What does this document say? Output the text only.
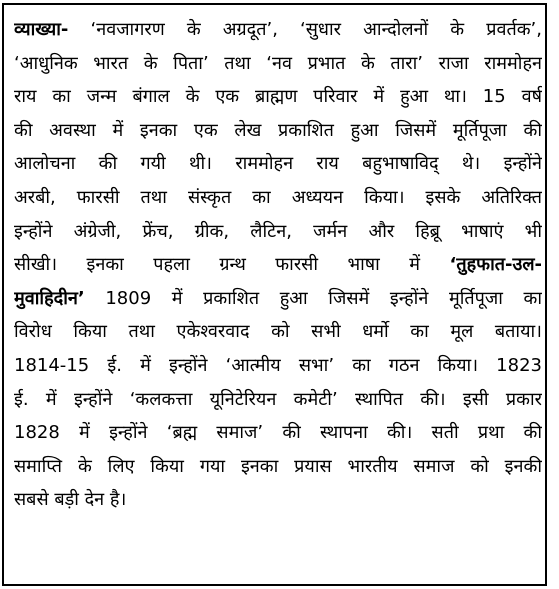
व्याख्या- ‘नवजागरण के अग्रदूत’, ‘सुधार आन्दोलनों के प्रवर्तक’,
‘आधुनिक भारत के पिता’ तथा ‘नव प्रभात के तारा’ राजा राममोहन
राय का जन्म बंगाल के एक ब्राह्मण परिवार में हुआ था। 15 वर्ष
की अवस्था में इनका एक लेख प्रकाशित हुआ जिसमें मूर्तिपूजा की
आलोचना की गयी थी। राममोहन राय बहुभाषाविद् थे। इन्होंने
अरबी, फारसी तथा संस्कृत का अध्ययन किया। इसके अतिरिक्त
इन्होंने अंग्रेजी, फ्रेंच, ग्रीक, लैटिन, जर्मन और हिब्रू भाषाएं भी
सीखी। इनका पहला ग्रन्थ फारसी भाषा में ‘तुहफात-उल-
मुवाहिदीन’ 1809 में प्रकाशित हुआ जिसमें इन्होंने मूर्तिपूजा का
विरोध किया तथा एकेश्वरवाद को सभी धर्मो का मूल बताया।
1814-15 ई. में इन्होंने ‘आत्मीय सभा’ का गठन किया। 1823
ई. में इन्होंने ‘कलकत्ता यूनिटेरियन कमेटी’ स्थापित की। इसी प्रकार
1828 में इन्होंने ‘ब्रह्म समाज’ की स्थापना की। सती प्रथा की
समाप्ति के लिए किया गया इनका प्रयास भारतीय समाज को इनकी
सबसे बड़ी देन है।
